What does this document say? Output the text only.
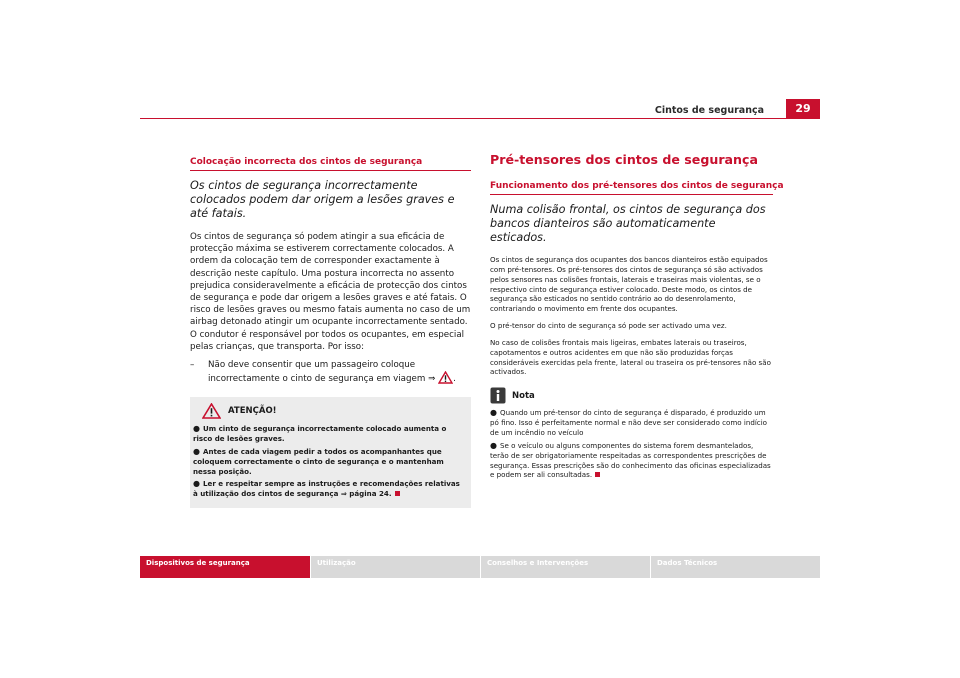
Cintos de segurança	29
Colocação incorrecta dos cintos de segurança

Os cintos de segurança incorrectamente colocados podem dar origem a lesões graves e até fatais.

Os cintos de segurança só podem atingir a sua eficácia de protecção máxima se estiverem correctamente colocados. A ordem da colocação tem de corresponder exactamente à descrição neste capítulo. Uma postura incorrecta no assento prejudica consideravelmente a eficácia de protecção dos cintos de segurança e pode dar origem a lesões graves e até fatais. O risco de lesões graves ou mesmo fatais aumenta no caso de um airbag detonado atingir um ocupante incorrectamente sentado. O condutor é responsável por todos os ocupantes, em especial pelas crianças, que transporta. Por isso:

–	Não deve consentir que um passageiro coloque incorrectamente o cinto de segurança em viagem ⇒ .
ATENÇÃO!

● Um cinto de segurança incorrectamente colocado aumenta o risco de lesões graves.

● Antes de cada viagem pedir a todos os acompanhantes que coloquem correctamente o cinto de segurança e o mantenham nessa posição.

● Ler e respeitar sempre as instruções e recomendações relativas à utilização dos cintos de segurança ⇒ página 24.

Pré-tensores dos cintos de segurança
Funcionamento dos pré-tensores dos cintos de segurança

Numa colisão frontal, os cintos de segurança dos bancos dianteiros são automaticamente esticados.

Os cintos de segurança dos ocupantes dos bancos dianteiros estão equipados com pré-tensores. Os pré-tensores dos cintos de segurança só são activados pelos sensores nas colisões frontais, laterais e traseiras mais violentas, se o respectivo cinto de segurança estiver colocado. Deste modo, os cintos de segurança são esticados no sentido contrário ao do desenrolamento, contrariando o movimento em frente dos ocupantes.

O pré-tensor do cinto de segurança só pode ser activado uma vez.

No caso de colisões frontais mais ligeiras, embates laterais ou traseiros, capotamentos e outros acidentes em que não são produzidas forças consideráveis exercidas pela frente, lateral ou traseira os pré-tensores não são activados.

Nota

● Quando um pré-tensor do cinto de segurança é disparado, é produzido um pó fino. Isso é perfeitamente normal e não deve ser considerado como indício de um incêndio no veículo

● Se o veículo ou alguns componentes do sistema forem desmantelados, terão de ser obrigatoriamente respeitadas as correspondentes prescrições de segurança. Essas prescrições são do conhecimento das oficinas especializadas e podem ser ali consultadas.

Dispositivos de segurança	Utilização	Conselhos e Intervenções	Dados Técnicos
